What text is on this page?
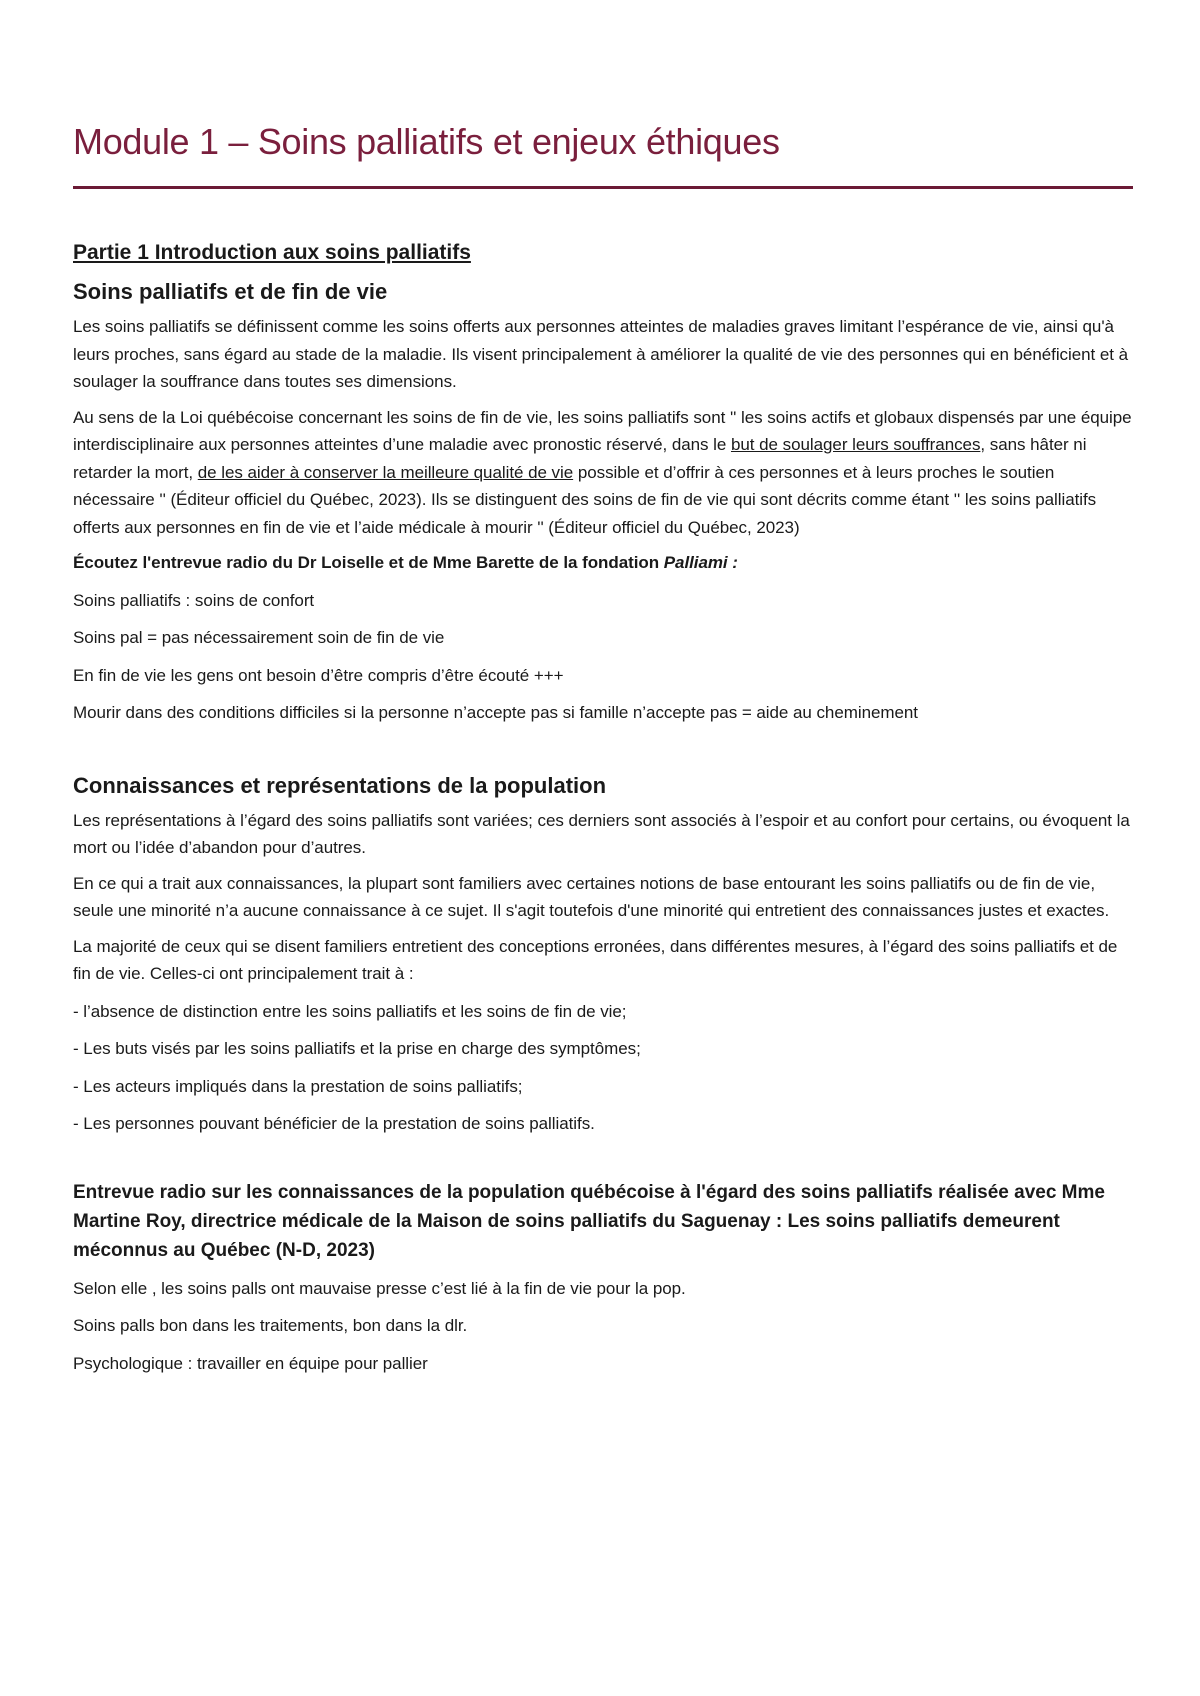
Module 1 – Soins palliatifs et enjeux éthiques
Partie 1 Introduction aux soins palliatifs
Soins palliatifs et de fin de vie

Les soins palliatifs se définissent comme les soins offerts aux personnes atteintes de maladies graves limitant l’espérance de vie, ainsi qu'à leurs proches, sans égard au stade de la maladie. Ils visent principalement à améliorer la qualité de vie des personnes qui en bénéficient et à soulager la souffrance dans toutes ses dimensions.

Au sens de la Loi québécoise concernant les soins de fin de vie, les soins palliatifs sont '' les soins actifs et globaux dispensés par une équipe interdisciplinaire aux personnes atteintes d’une maladie avec pronostic réservé, dans le but de soulager leurs souffrances, sans hâter ni retarder la mort, de les aider à conserver la meilleure qualité de vie possible et d’offrir à ces personnes et à leurs proches le soutien nécessaire '' (Éditeur officiel du Québec, 2023). Ils se distinguent des soins de fin de vie qui sont décrits comme étant '' les soins palliatifs offerts aux personnes en fin de vie et l’aide médicale à mourir '' (Éditeur officiel du Québec, 2023)

Écoutez l'entrevue radio du Dr Loiselle et de Mme Barette de la fondation Palliami :

Soins palliatifs : soins de confort

Soins pal = pas nécessairement soin de fin de vie

En fin de vie les gens ont besoin d’être compris d’être écouté +++

Mourir dans des conditions difficiles si la personne n’accepte pas si famille n’accepte pas = aide au cheminement

Connaissances et représentations de la population

Les représentations à l’égard des soins palliatifs sont variées; ces derniers sont associés à l’espoir et au confort pour certains, ou évoquent la mort ou l’idée d’abandon pour d’autres.

En ce qui a trait aux connaissances, la plupart sont familiers avec certaines notions de base entourant les soins palliatifs ou de fin de vie, seule une minorité n’a aucune connaissance à ce sujet. Il s'agit toutefois d'une minorité qui entretient des connaissances justes et exactes.

La majorité de ceux qui se disent familiers entretient des conceptions erronées, dans différentes mesures, à l’égard des soins palliatifs et de fin de vie. Celles-ci ont principalement trait à :

- l’absence de distinction entre les soins palliatifs et les soins de fin de vie;

- Les buts visés par les soins palliatifs et la prise en charge des symptômes;

- Les acteurs impliqués dans la prestation de soins palliatifs;

- Les personnes pouvant bénéficier de la prestation de soins palliatifs.

Entrevue radio sur les connaissances de la population québécoise à l'égard des soins palliatifs réalisée avec Mme Martine Roy, directrice médicale de la Maison de soins palliatifs du Saguenay : Les soins palliatifs demeurent méconnus au Québec (N-D, 2023)

Selon elle , les soins palls ont mauvaise presse c’est lié à la fin de vie pour la pop.

Soins palls bon dans les traitements, bon dans la dlr.

Psychologique : travailler en équipe pour pallier
